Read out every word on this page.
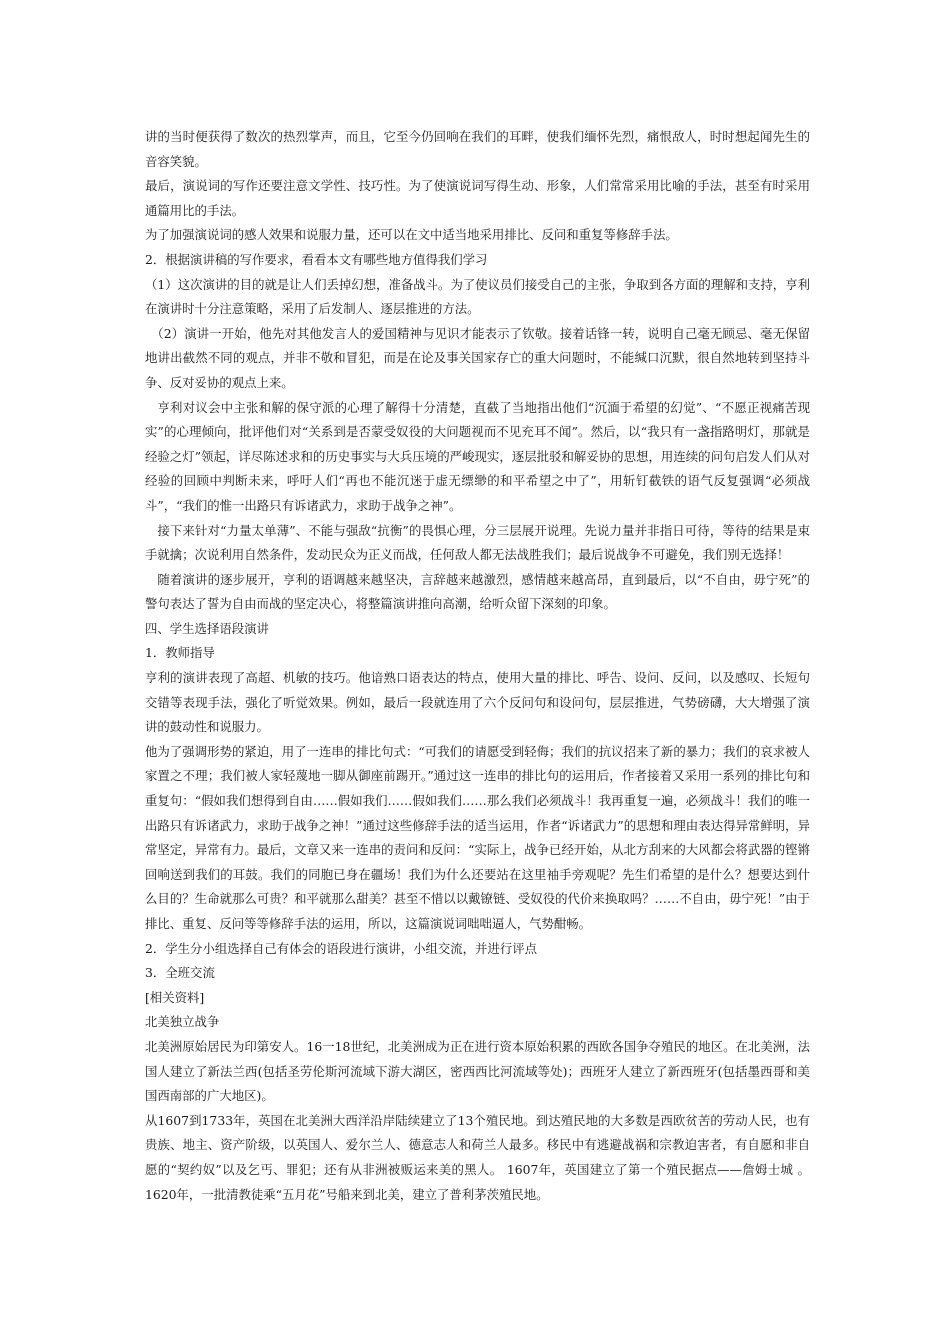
讲的当时便获得了数次的热烈掌声，而且，它至今仍回响在我们的耳畔，使我们缅怀先烈，痛恨敌人，时时想起闻先生的音容笑貌。

最后，演说词的写作还要注意文学性、技巧性。为了使演说词写得生动、形象，人们常常采用比喻的手法，甚至有时采用通篇用比的手法。

为了加强演说词的感人效果和说服力量，还可以在文中适当地采用排比、反问和重复等修辞手法。

2．根据演讲稿的写作要求，看看本文有哪些地方值得我们学习

（1）这次演讲的目的就是让人们丢掉幻想，准备战斗。为了使议员们接受自己的主张，争取到各方面的理解和支持，亨利在演讲时十分注意策略，采用了后发制人、逐层推进的方法。

（2）演讲一开始，他先对其他发言人的爱国精神与见识才能表示了钦敬。接着话锋一转，说明自己毫无顾忌、毫无保留地讲出截然不同的观点，并非不敬和冒犯，而是在论及事关国家存亡的重大问题时，不能缄口沉默，很自然地转到坚持斗争、反对妥协的观点上来。

亨利对议会中主张和解的保守派的心理了解得十分清楚，直截了当地指出他们“沉湎于希望的幻觉”、“不愿正视痛苦现实”的心理倾向，批评他们对“关系到是否蒙受奴役的大问题视而不见充耳不闻”。然后，以“我只有一盏指路明灯，那就是经验之灯”领起，详尽陈述求和的历史事实与大兵压境的严峻现实，逐层批驳和解妥协的思想，用连续的问句启发人们从对经验的回顾中判断未来，呼吁人们“再也不能沉迷于虚无缥缈的和平希望之中了”，用斩钉截铁的语气反复强调“必须战斗”，“我们的惟一出路只有诉诸武力，求助于战争之神”。

接下来针对“力量太单薄”、不能与强敌“抗衡”的畏惧心理，分三层展开说理。先说力量并非指日可待，等待的结果是束手就擒；次说利用自然条件，发动民众为正义而战，任何敌人都无法战胜我们；最后说战争不可避免，我们别无选择！

随着演讲的逐步展开，亨利的语调越来越坚决，言辞越来越激烈，感情越来越高昂，直到最后，以“不自由，毋宁死”的警句表达了誓为自由而战的坚定决心，将整篇演讲推向高潮，给听众留下深刻的印象。

四、学生选择语段演讲

1．教师指导

亨利的演讲表现了高超、机敏的技巧。他谙熟口语表达的特点，使用大量的排比、呼告、设问、反问，以及感叹、长短句交错等表现手法，强化了听觉效果。例如，最后一段就连用了六个反问句和设问句，层层推进，气势磅礴，大大增强了演讲的鼓动性和说服力。

他为了强调形势的紧迫，用了一连串的排比句式：“可我们的请愿受到轻侮；我们的抗议招来了新的暴力；我们的哀求被人家置之不理；我们被人家轻蔑地一脚从御座前踢开。”通过这一连串的排比句的运用后，作者接着又采用一系列的排比句和重复句：“假如我们想得到自由……假如我们……假如我们……那么我们必须战斗！我再重复一遍，必须战斗！我们的唯一出路只有诉诸武力，求助于战争之神！”通过这些修辞手法的适当运用，作者“诉诸武力”的思想和理由表达得异常鲜明，异常坚定，异常有力。最后，文章又来一连串的责问和反问：“实际上，战争已经开始，从北方刮来的大风都会将武器的铿锵回响送到我们的耳鼓。我们的同胞已身在疆场！我们为什么还要站在这里袖手旁观呢？先生们希望的是什么？想要达到什么目的？生命就那么可贵？和平就那么甜美？甚至不惜以以戴镣链、受奴役的代价来换取吗？……不自由，毋宁死！”由于排比、重复、反问等等修辞手法的运用，所以，这篇演说词咄咄逼人，气势酣畅。

2．学生分小组选择自己有体会的语段进行演讲，小组交流，并进行评点

3．全班交流

[相关资料]

北美独立战争

北美洲原始居民为印第安人。16一18世纪，北美洲成为正在进行资本原始积累的西欧各国争夺殖民的地区。在北美洲，法国人建立了新法兰西(包括圣劳伦斯河流域下游大湖区，密西西比河流域等处)；西班牙人建立了新西班牙(包括墨西哥和美国西南部的广大地区)。

从1607到1733年，英国在北美洲大西洋沿岸陆续建立了13个殖民地。到达殖民地的大多数是西欧贫苦的劳动人民，也有贵族、地主、资产阶级，以英国人、爱尔兰人、德意志人和荷兰人最多。移民中有逃避战祸和宗教迫害者，有自愿和非自愿的“契约奴”以及乞丐、罪犯；还有从非洲被贩运来美的黑人。 1607年，英国建立了第一个殖民据点——詹姆士城 。1620年，一批清教徒乘“五月花”号船来到北美，建立了普利茅茨殖民地。
